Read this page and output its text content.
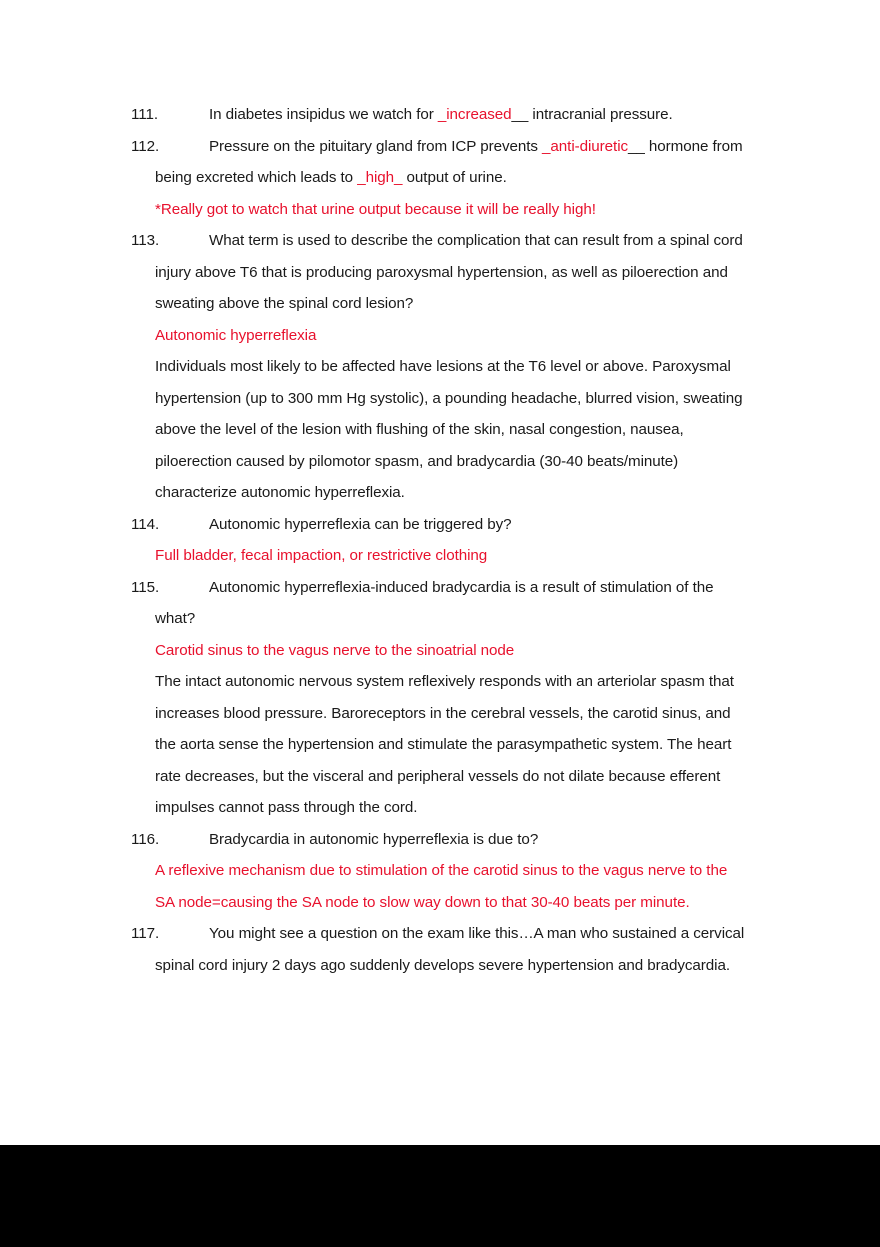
111.	In diabetes insipidus we watch for _increased__ intracranial pressure.
112.	Pressure on the pituitary gland from ICP prevents _anti-diuretic__ hormone from
being excreted which leads to _high_ output of urine.
*Really got to watch that urine output because it will be really high!
113.	What term is used to describe the complication that can result from a spinal cord
injury above T6 that is producing paroxysmal hypertension, as well as piloerection and
sweating above the spinal cord lesion?
Autonomic hyperreflexia
Individuals most likely to be affected have lesions at the T6 level or above. Paroxysmal
hypertension (up to 300 mm Hg systolic), a pounding headache, blurred vision, sweating
above the level of the lesion with flushing of the skin, nasal congestion, nausea,
piloerection caused by pilomotor spasm, and bradycardia (30-40 beats/minute)
characterize autonomic hyperreflexia.
114.	Autonomic hyperreflexia can be triggered by?
Full bladder, fecal impaction, or restrictive clothing
115.	Autonomic hyperreflexia-induced bradycardia is a result of stimulation of the
what?
Carotid sinus to the vagus nerve to the sinoatrial node
The intact autonomic nervous system reflexively responds with an arteriolar spasm that
increases blood pressure. Baroreceptors in the cerebral vessels, the carotid sinus, and
the aorta sense the hypertension and stimulate the parasympathetic system. The heart
rate decreases, but the visceral and peripheral vessels do not dilate because efferent
impulses cannot pass through the cord.
116.	Bradycardia in autonomic hyperreflexia is due to?
A reflexive mechanism due to stimulation of the carotid sinus to the vagus nerve to the
SA node=causing the SA node to slow way down to that 30-40 beats per minute.
117.	You might see a question on the exam like this…A man who sustained a cervical
spinal cord injury 2 days ago suddenly develops severe hypertension and bradycardia.
